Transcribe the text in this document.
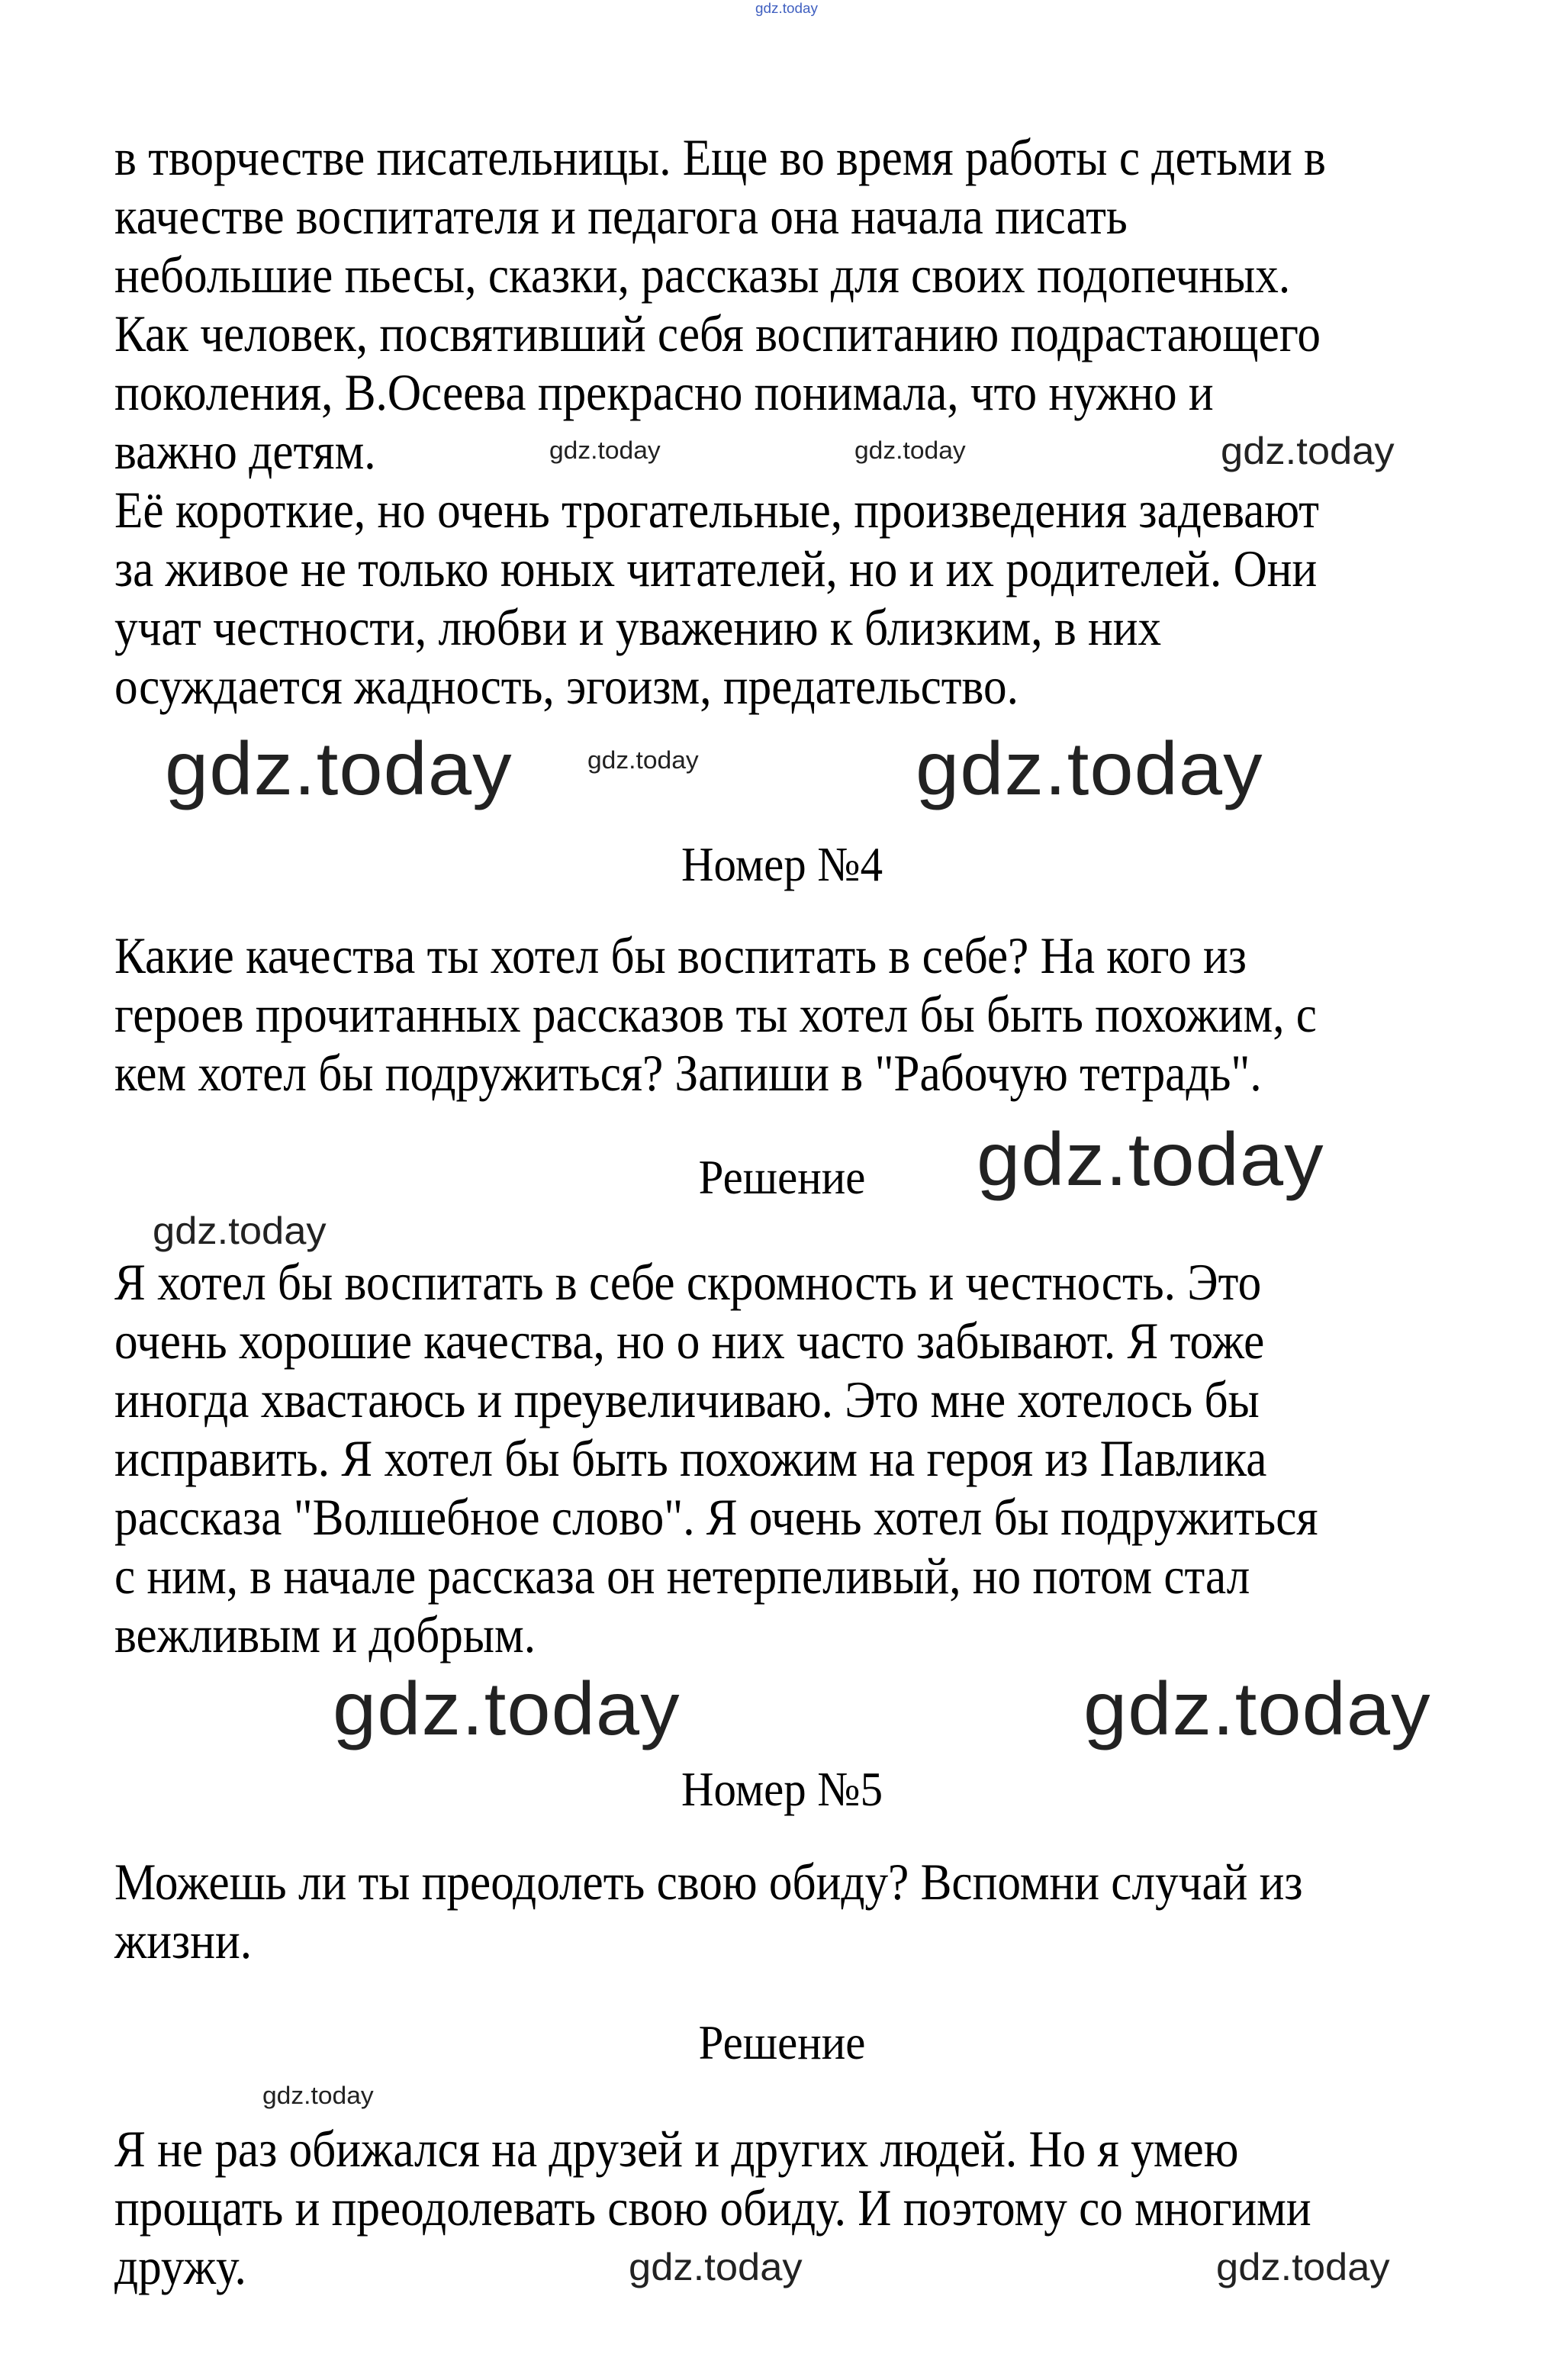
в творчестве писательницы. Еще во время работы с детьми в
качестве воспитателя и педагога она начала писать
небольшие пьесы, сказки, рассказы для своих подопечных.
Как человек, посвятивший себя воспитанию подрастающего
поколения, В.Осеева прекрасно понимала, что нужно и
важно детям.
Её короткие, но очень трогательные, произведения задевают
за живое не только юных читателей, но и их родителей. Они
учат честности, любви и уважению к близким, в них
осуждается жадность, эгоизм, предательство.
Номер №4
Какие качества ты хотел бы воспитать в себе? На кого из
героев прочитанных рассказов ты хотел бы быть похожим, с
кем хотел бы подружиться? Запиши в "Рабочую тетрадь".
Решение
Я хотел бы воспитать в себе скромность и честность. Это
очень хорошие качества, но о них часто забывают. Я тоже
иногда хвастаюсь и преувеличиваю. Это мне хотелось бы
исправить. Я хотел бы быть похожим на героя из Павлика
рассказа "Волшебное слово". Я очень хотел бы подружиться
с ним, в начале рассказа он нетерпеливый, но потом стал
вежливым и добрым.
Номер №5
Можешь ли ты преодолеть свою обиду? Вспомни случай из
жизни.
Решение
Я не раз обижался на друзей и других людей. Но я умею
прощать и преодолевать свою обиду. И поэтому со многими
дружу.
gdz.today
gdz.today
gdz.today	gdz.today
gdz.today
gdz.today	gdz.today
gdz.today
gdz.today
gdz.today	gdz.today
gdz.today
gdz.today	gdz.today
